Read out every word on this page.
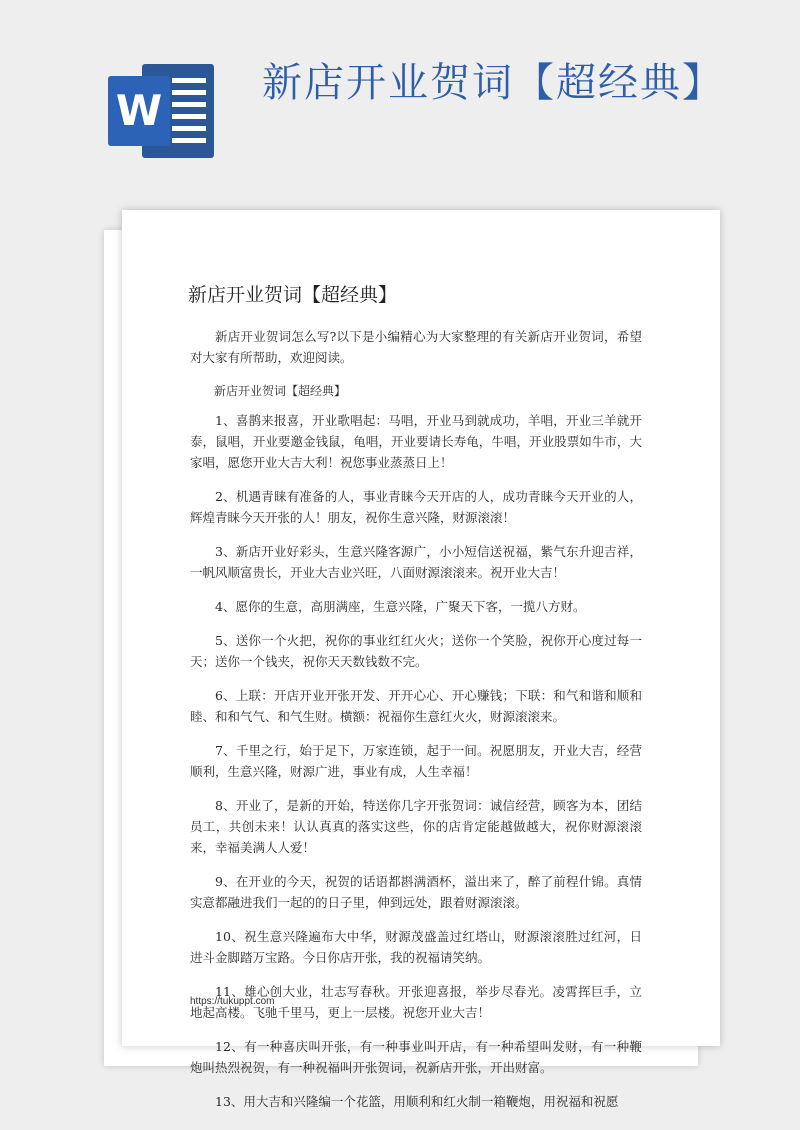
W
新店开业贺词【超经典】
新店开业贺词【超经典】

新店开业贺词怎么写?以下是小编精心为大家整理的有关新店开业贺词，希望对大家有所帮助，欢迎阅读。

新店开业贺词【超经典】

1、喜鹊来报喜，开业歌唱起：马唱，开业马到就成功，羊唱，开业三羊就开泰，鼠唱，开业要邀金钱鼠，龟唱，开业要请长寿龟，牛唱，开业股票如牛市，大家唱，愿您开业大吉大利！祝您事业蒸蒸日上！

2、机遇青睐有准备的人，事业青睐今天开店的人，成功青睐今天开业的人，辉煌青睐今天开张的人！朋友，祝你生意兴隆，财源滚滚！

3、新店开业好彩头，生意兴隆客源广，小小短信送祝福，紫气东升迎吉祥，一帆风顺富贵长，开业大吉业兴旺，八面财源滚滚来。祝开业大吉！

4、愿你的生意，高朋满座，生意兴隆，广聚天下客，一揽八方财。

5、送你一个火把，祝你的事业红红火火；送你一个笑脸，祝你开心度过每一天；送你一个钱夹，祝你天天数钱数不完。

6、上联：开店开业开张开发、开开心心、开心赚钱；下联：和气和谐和顺和睦、和和气气、和气生财。横额：祝福你生意红火火，财源滚滚来。

7、千里之行，始于足下，万家连锁，起于一间。祝愿朋友，开业大吉，经营顺利，生意兴隆，财源广进，事业有成，人生幸福！

8、开业了，是新的开始，特送你几字开张贺词：诚信经营，顾客为本，团结员工，共创未来！认认真真的落实这些，你的店肯定能越做越大，祝你财源滚滚来，幸福美满人人爱！

9、在开业的今天，祝贺的话语都斟满酒杯，溢出来了，醉了前程什锦。真情实意都融进我们一起的的日子里，伸到远处，跟着财源滚滚。

10、祝生意兴隆遍布大中华，财源茂盛盖过红塔山，财源滚滚胜过红河，日进斗金脚踏万宝路。今日你店开张，我的祝福请笑纳。

11、雄心创大业，壮志写春秋。开张迎喜报，举步尽春光。凌霄挥巨手，立地起高楼。飞驰千里马，更上一层楼。祝您开业大吉！

12、有一种喜庆叫开张，有一种事业叫开店，有一种希望叫发财，有一种鞭炮叫热烈祝贺，有一种祝福叫开张贺词，祝新店开张，开出财富。

13、用大吉和兴隆编一个花篮，用顺利和红火制一箱鞭炮，用祝福和祝愿

https://tukuppt.com
